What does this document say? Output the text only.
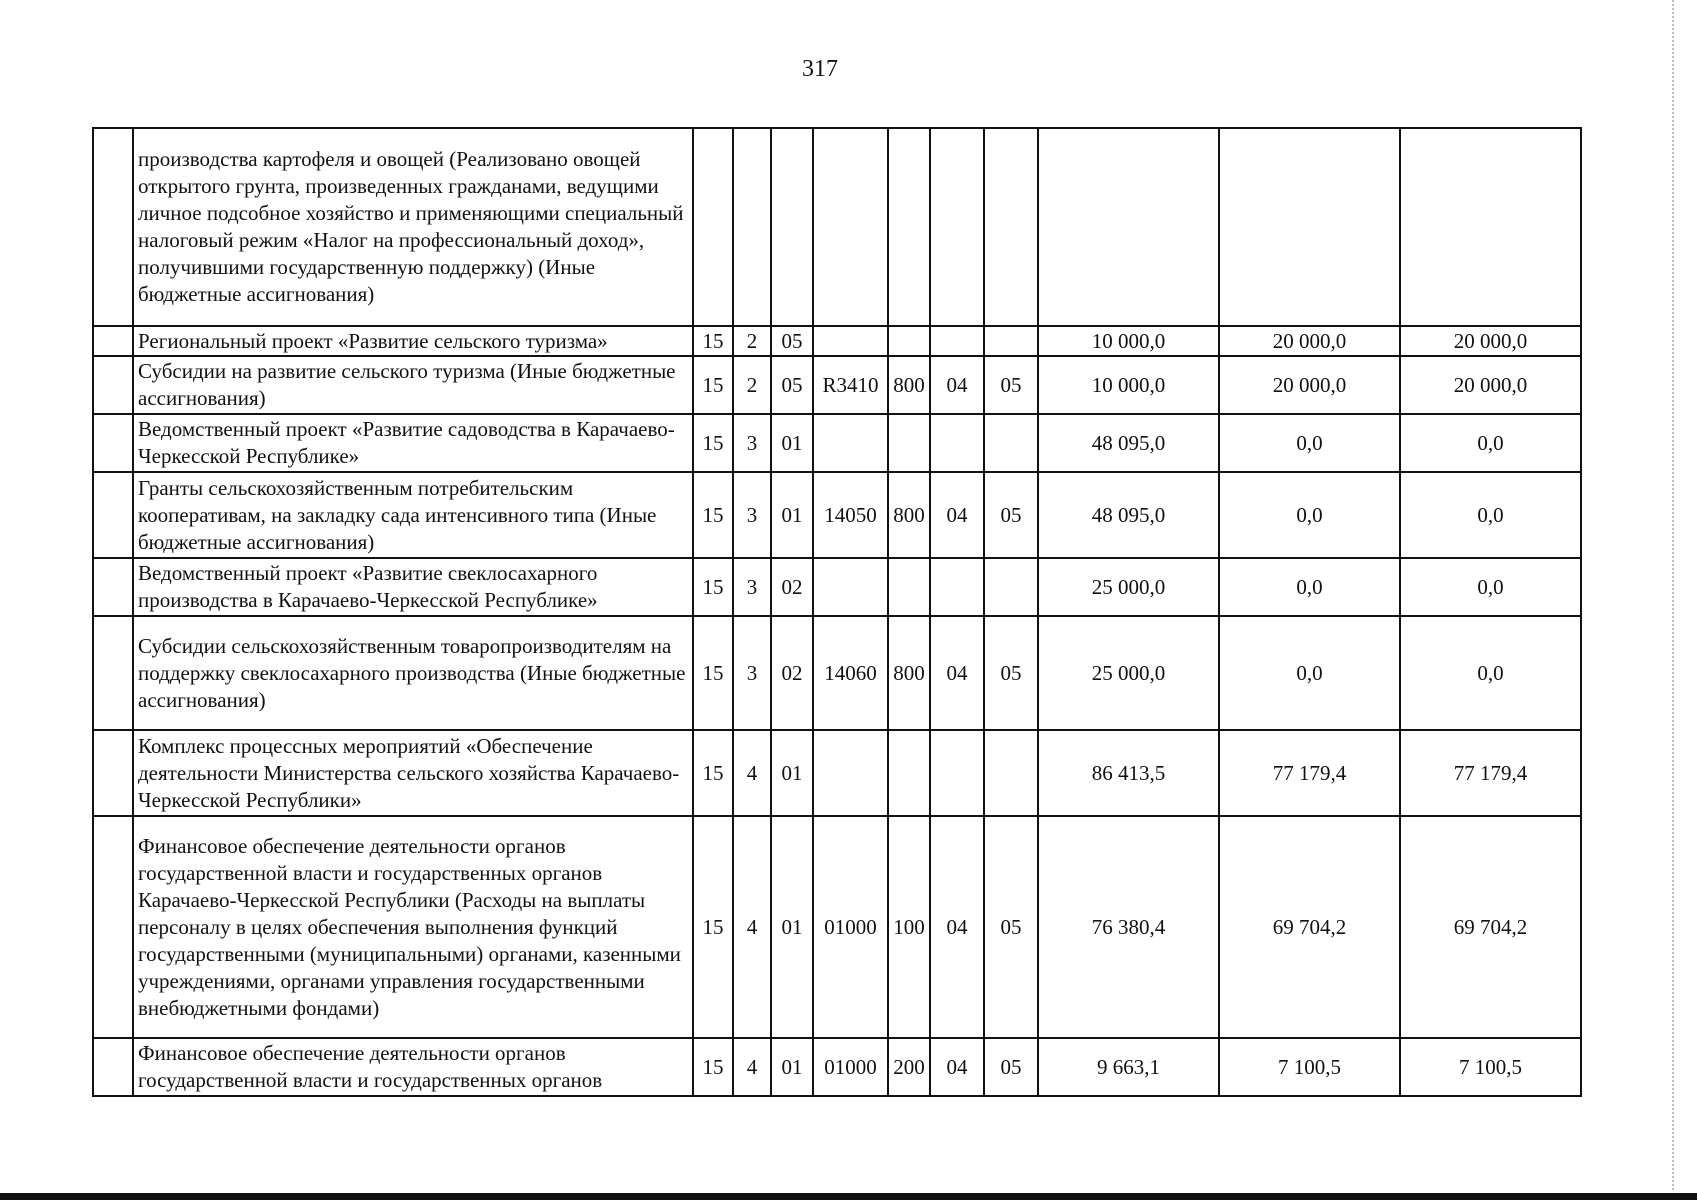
317
	производства картофеля и овощей (Реализовано овощей открытого грунта, произведенных гражданами, ведущими личное подсобное хозяйство и применяющими специальный налоговый режим «Налог на профессиональный доход», получившими государственную поддержку) (Иные бюджетные ассигнования)										
	Региональный проект «Развитие сельского туризма»	15	2	05					10 000,0	20 000,0	20 000,0
	Субсидии на развитие сельского туризма (Иные бюджетные ассигнования)	15	2	05	R3410	800	04	05	10 000,0	20 000,0	20 000,0
	Ведомственный проект «Развитие садоводства в Карачаево-Черкесской Республике»	15	3	01					48 095,0	0,0	0,0
	Гранты сельскохозяйственным потребительским кооперативам, на закладку сада интенсивного типа (Иные бюджетные ассигнования)	15	3	01	14050	800	04	05	48 095,0	0,0	0,0
	Ведомственный проект «Развитие свеклосахарного производства в Карачаево-Черкесской Республике»	15	3	02					25 000,0	0,0	0,0
	Субсидии сельскохозяйственным товаропроизводителям на поддержку свеклосахарного производства (Иные бюджетные ассигнования)	15	3	02	14060	800	04	05	25 000,0	0,0	0,0
	Комплекс процессных мероприятий «Обеспечение деятельности Министерства сельского хозяйства Карачаево-Черкесской Республики»	15	4	01					86 413,5	77 179,4	77 179,4
	Финансовое обеспечение деятельности органов государственной власти и государственных органов Карачаево-Черкесской Республики (Расходы на выплаты персоналу в целях обеспечения выполнения функций государственными (муниципальными) органами, казенными учреждениями, органами управления государственными внебюджетными фондами)	15	4	01	01000	100	04	05	76 380,4	69 704,2	69 704,2
	Финансовое обеспечение деятельности органов государственной власти и государственных органов	15	4	01	01000	200	04	05	9 663,1	7 100,5	7 100,5
